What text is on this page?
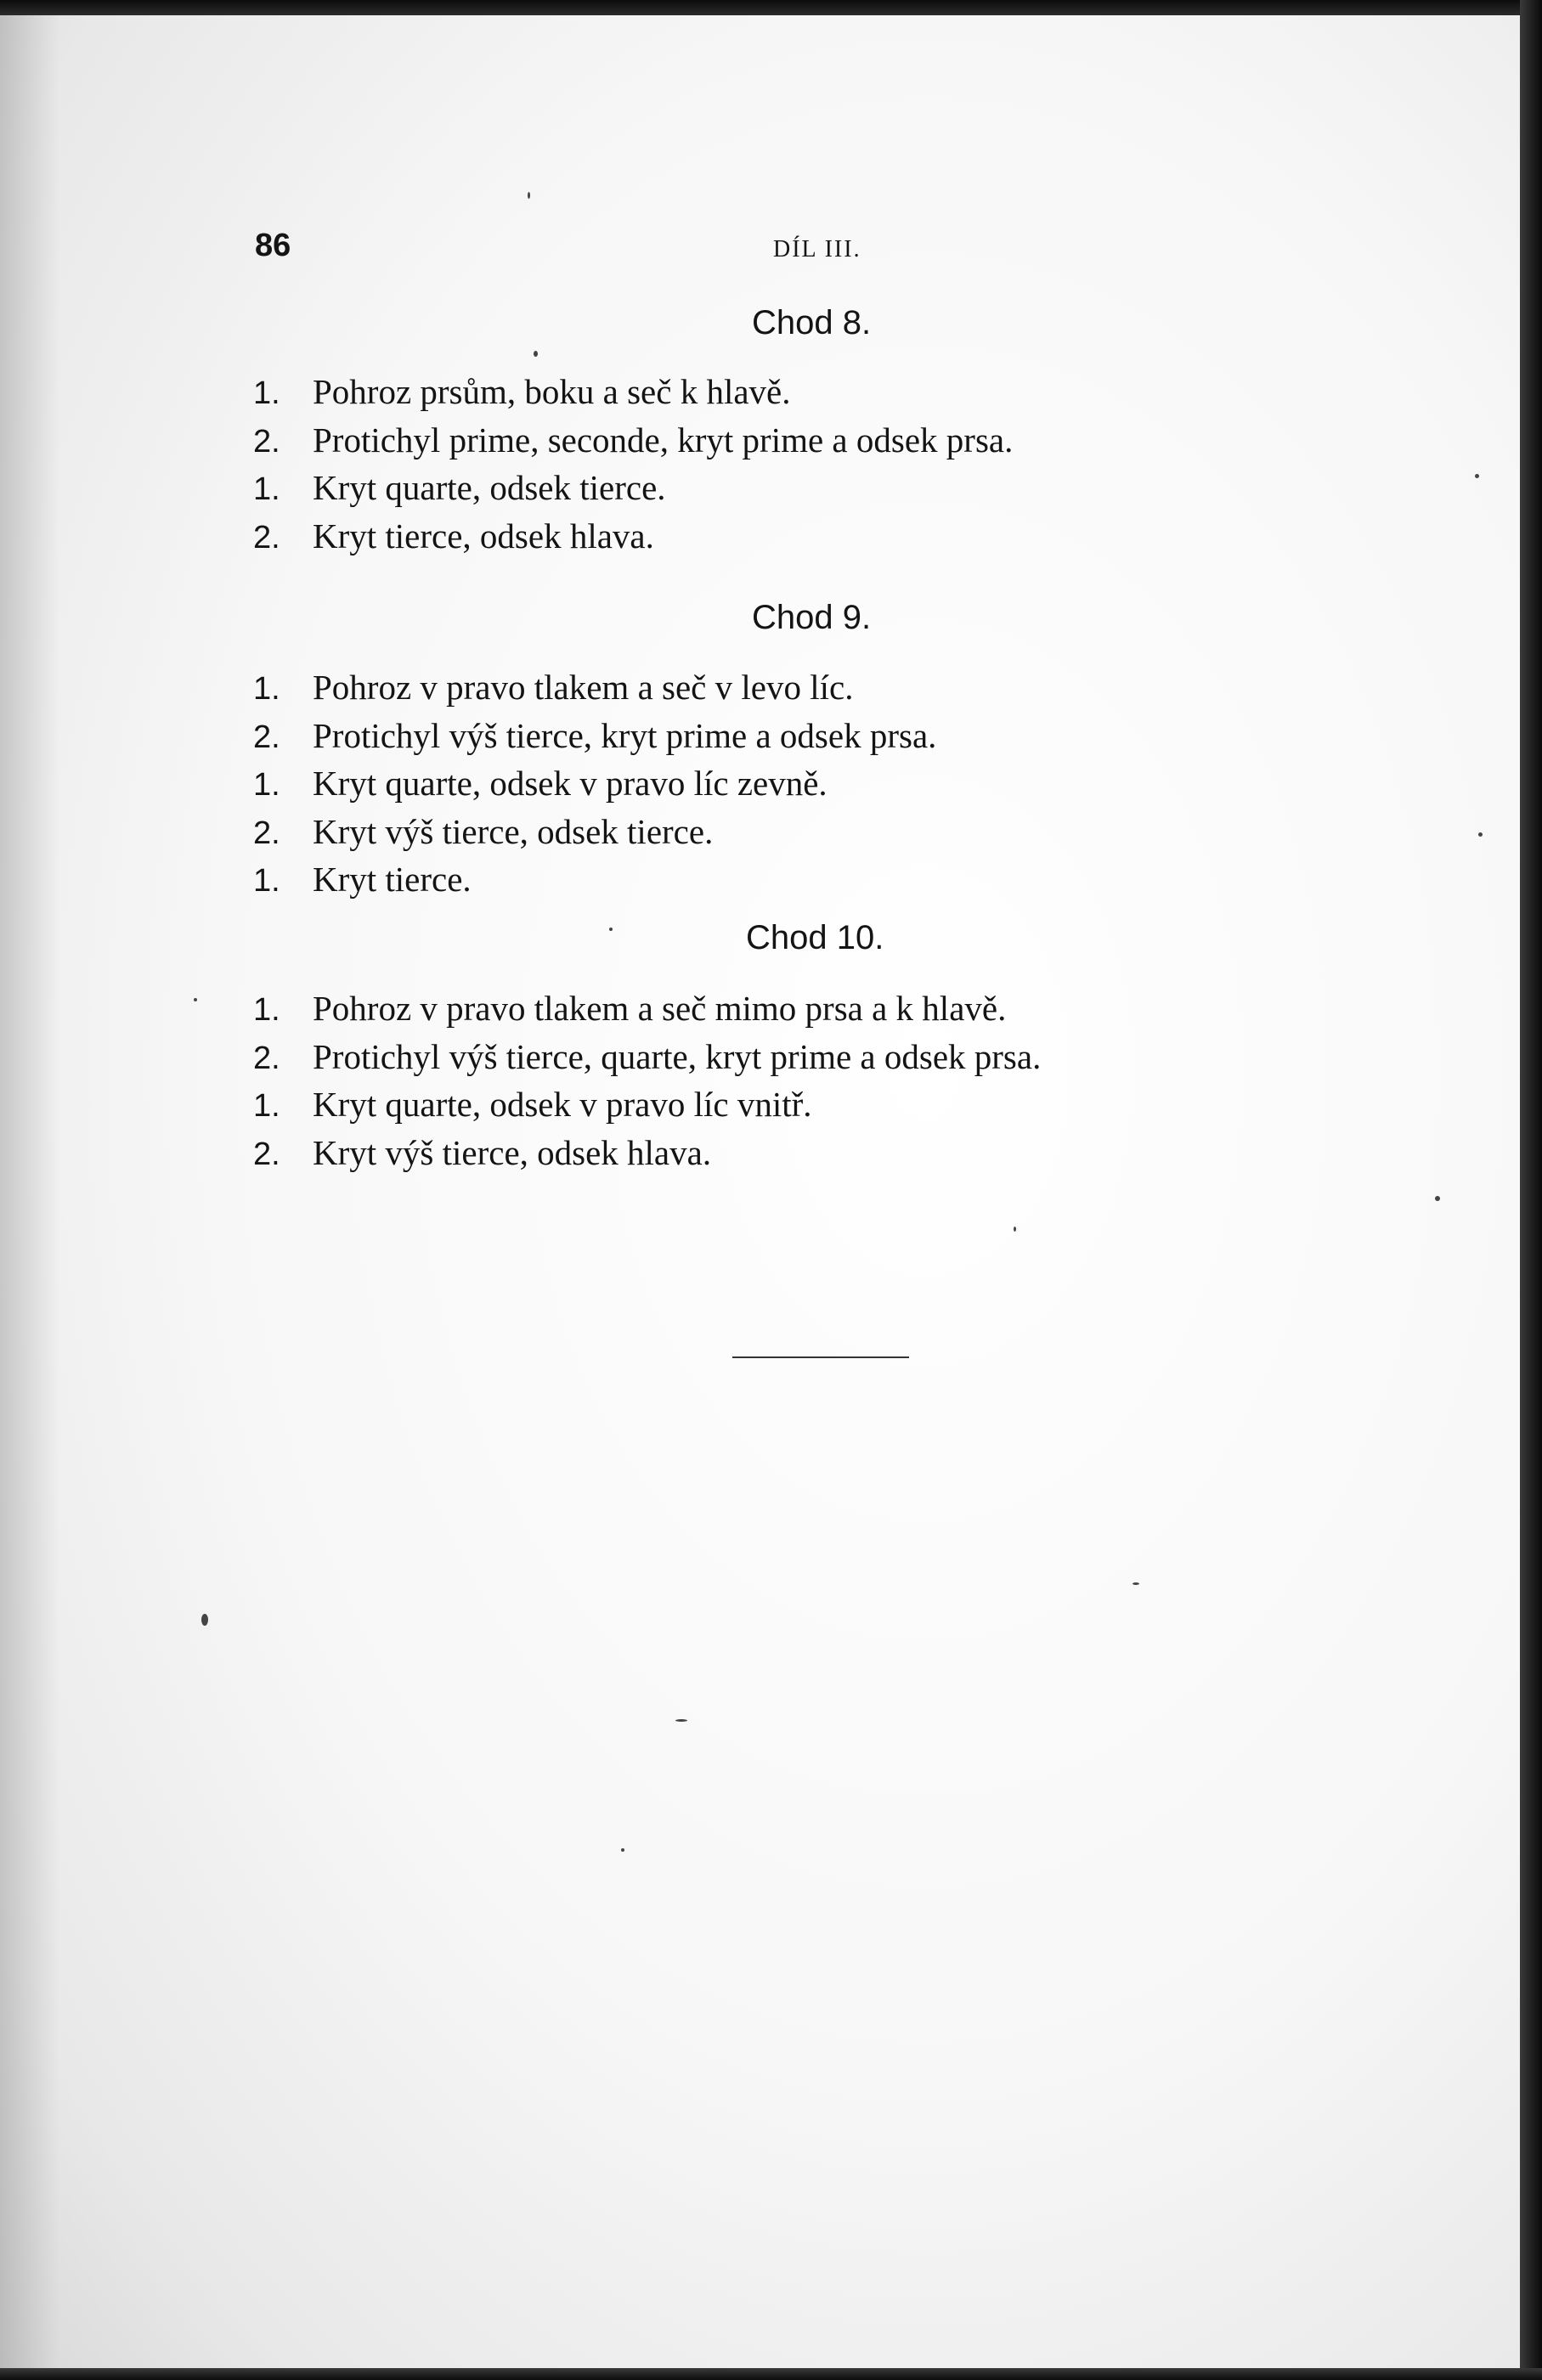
86	DÍL III.
Chod 8.
1. Pohroz prsům, boku a seč k hlavě.
2. Protichyl prime, seconde, kryt prime a odsek prsa.
1. Kryt quarte, odsek tierce.
2. Kryt tierce, odsek hlava.
Chod 9.
1. Pohroz v pravo tlakem a seč v levo líc.
2. Protichyl výš tierce, kryt prime a odsek prsa.
1. Kryt quarte, odsek v pravo líc zevně.
2. Kryt výš tierce, odsek tierce.
1. Kryt tierce.
Chod 10.
1. Pohroz v pravo tlakem a seč mimo prsa a k hlavě.
2. Protichyl výš tierce, quarte, kryt prime a odsek prsa.
1. Kryt quarte, odsek v pravo líc vnitř.
2. Kryt výš tierce, odsek hlava.
